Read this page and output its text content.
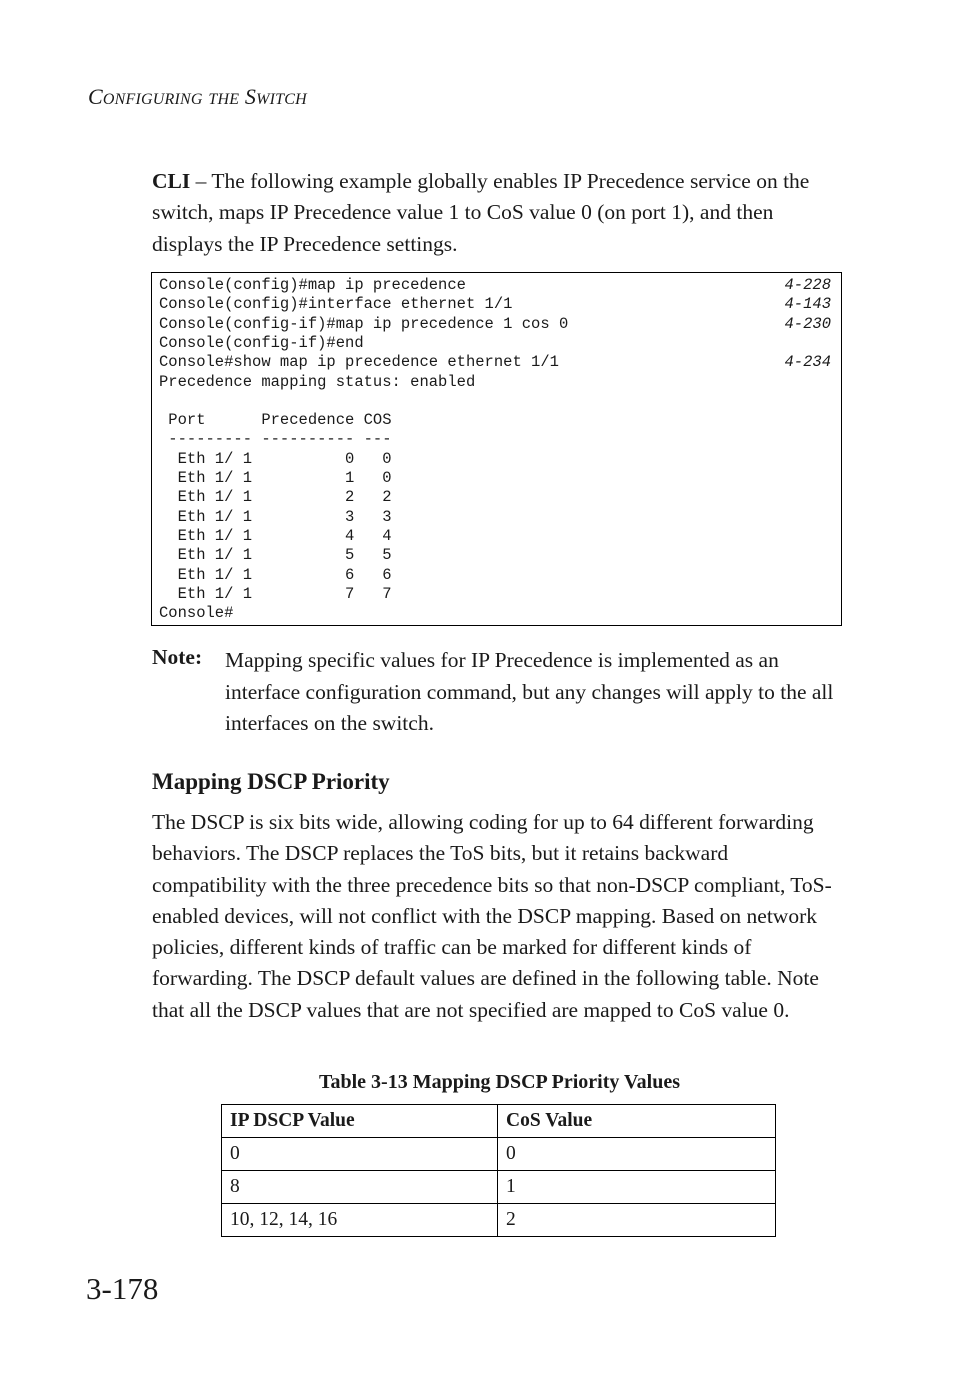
CONFIGURING THE SWITCH

CLI – The following example globally enables IP Precedence service on the switch, maps IP Precedence value 1 to CoS value 0 (on port 1), and then displays the IP Precedence settings.

Console(config)#map ip precedence	4-228
Console(config)#interface ethernet 1/1	4-143
Console(config-if)#map ip precedence 1 cos 0	4-230
Console(config-if)#end
Console#show map ip precedence ethernet 1/1	4-234
Precedence mapping status: enabled
Port      Precedence COS
--------- ---------- ---
Eth 1/ 1          0   0
Eth 1/ 1          1   0
Eth 1/ 1          2   2
Eth 1/ 1          3   3
Eth 1/ 1          4   4
Eth 1/ 1          5   5
Eth 1/ 1          6   6
Eth 1/ 1          7   7
Console#
Note: Mapping specific values for IP Precedence is implemented as an interface configuration command, but any changes will apply to the all interfaces on the switch.

Mapping DSCP Priority

The DSCP is six bits wide, allowing coding for up to 64 different forwarding behaviors. The DSCP replaces the ToS bits, but it retains backward compatibility with the three precedence bits so that non-DSCP compliant, ToS-enabled devices, will not conflict with the DSCP mapping. Based on network policies, different kinds of traffic can be marked for different kinds of forwarding. The DSCP default values are defined in the following table. Note that all the DSCP values that are not specified are mapped to CoS value 0.

Table 3-13 Mapping DSCP Priority Values
IP DSCP Value	CoS Value
0	0
8	1
10, 12, 14, 16	2
3-178
